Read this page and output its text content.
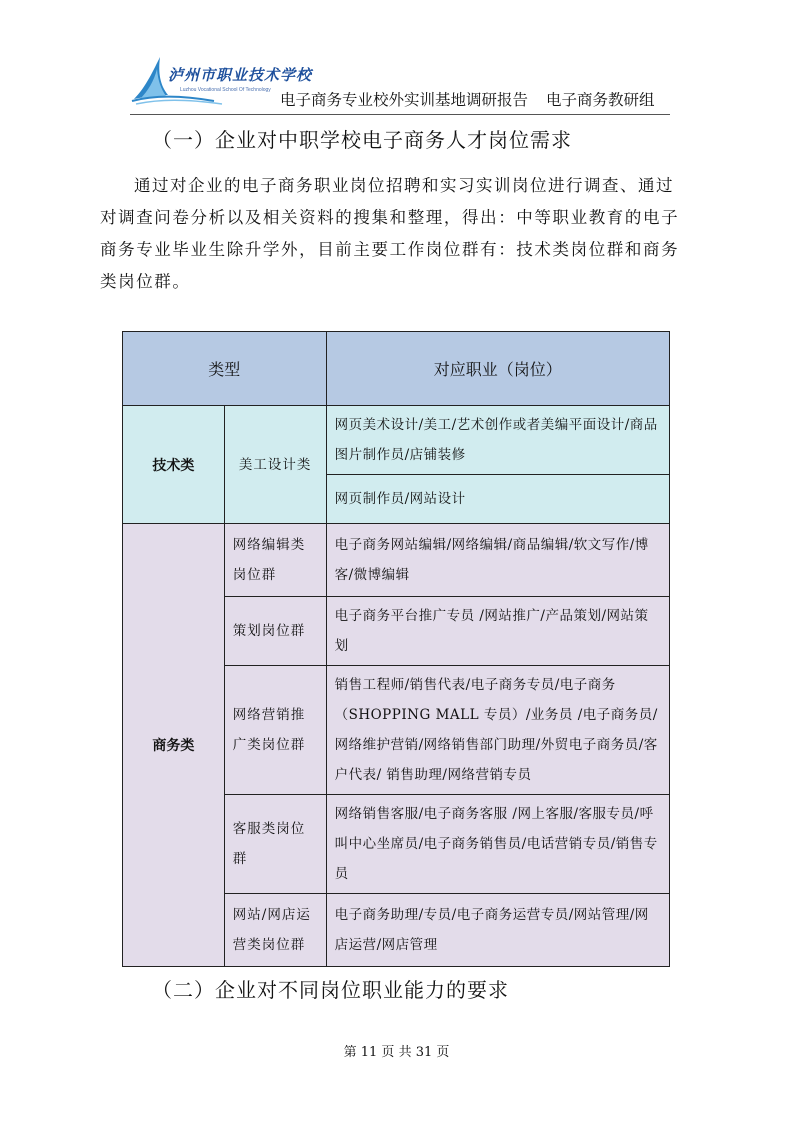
泸州市职业技术学校
Luzhou Vocational School Of Technology
电子商务专业校外实训基地调研报告 电子商务教研组
（一）企业对中职学校电子商务人才岗位需求

通过对企业的电子商务职业岗位招聘和实习实训岗位进行调查、通过

对调查问卷分析以及相关资料的搜集和整理，得出：中等职业教育的电子

商务专业毕业生除升学外，目前主要工作岗位群有：技术类岗位群和商务

类岗位群。

类型		对应职业（岗位）
技术类	美工设计类	网页美术设计/美工/艺术创作或者美编平面设计/商品图片制作员/店铺装修
		网页制作员/网站设计
商务类	网络编辑类岗位群	电子商务网站编辑/网络编辑/商品编辑/软文写作/博客/微博编辑
	策划岗位群	电子商务平台推广专员 /网站推广/产品策划/网站策划
	网络营销推广类岗位群	销售工程师/销售代表/电子商务专员/电子商务（SHOPPING MALL 专员）/业务员 /电子商务员/网络维护营销/网络销售部门助理/外贸电子商务员/客户代表/ 销售助理/网络营销专员
	客服类岗位群	网络销售客服/电子商务客服 /网上客服/客服专员/呼叫中心坐席员/电子商务销售员/电话营销专员/销售专员
	网站/网店运营类岗位群	电子商务助理/专员/电子商务运营专员/网站管理/网店运营/网店管理
（二）企业对不同岗位职业能力的要求
第 11 页 共 31 页
